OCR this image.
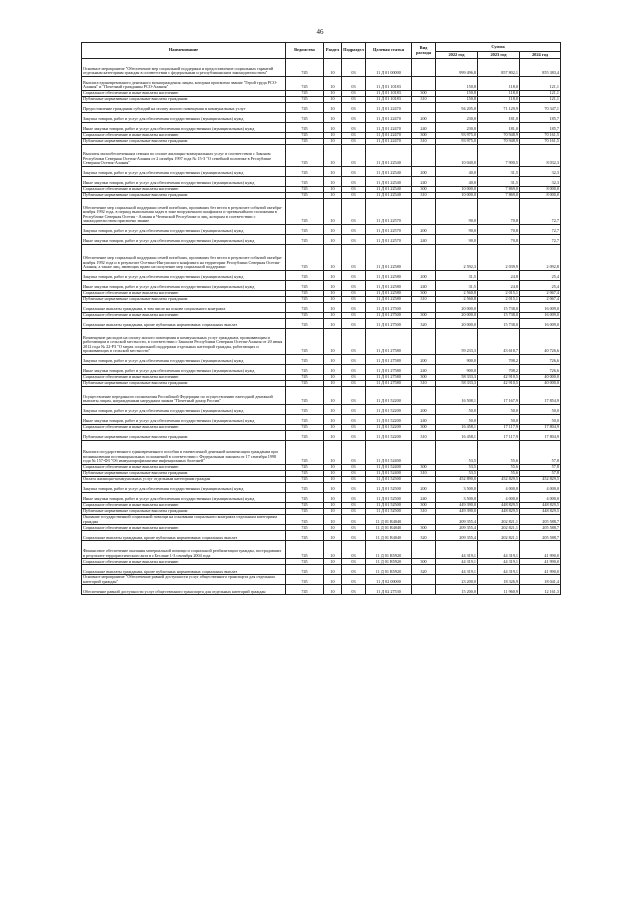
46
Наименование	Ведомство	Раздел	Подраздел	Целевая статья	Вид расхода	Сумма		
						2022 год	2023 год	2024 год
Основное мероприятие "Обеспечение мер социальной поддержки и предоставление социальных гарантий отдельным категориям граждан в соответствии с федеральным и республиканским законодательством"	745	10	03	11 Д 01 00000		999 496,8	857 802,1	855 383,4
Выплата единовременного денежного вознаграждения лицам, которым присвоено звание "Герой труда РСО-Алания" и "Почетный гражданин РСО-Алания"	745	10	03	11 Д 01 10183		150,8	118,0	121,1
Социальное обеспечение и иные выплаты населению	745	10	03	11 Д 01 10183	300	150,8	118,0	121,1
Публичные нормативные социальные выплаты гражданам	745	10	03	11 Д 01 10183	310	150,8	118,0	121,1
Предоставление гражданам субсидий на оплату жилого помещения и коммунальных услуг	745	10	03	11 Д 01 22470		94 205,0	71 129,9	70 347,1
Закупка товаров, работ и услуг для обеспечения государственных (муниципальных) нужд	745	10	03	11 Д 01 22470	200	230,0	181,0	185,7
Иные закупки товаров, работ и услуг для обеспечения государственных (муниципальных) нужд	745	10	03	11 Д 01 22470	240	230,0	181,0	185,7
Социальное обеспечение и иные выплаты населению	745	10	03	11 Д 01 22470	300	93 975,0	70 948,9	70 161,5
Публичные нормативные социальные выплаты гражданам	745	10	03	11 Д 01 22470	310	93 975,0	70 948,9	70 161,5
Выплаты малообеспеченным семьям по оплате жилищно-коммунальных услуг в соответствии с Законом Республики Северная Осетия-Алания от 2 октября 1997 года № 15-З "О семейной политике в Республике Северная Осетия-Алания"	745	10	03	11 Д 01 22540		10 040,0	7 900,5	8 032,3
Закупка товаров, работ и услуг для обеспечения государственных (муниципальных) нужд	745	10	03	11 Д 01 22540	200	40,0	31,5	32,3
Иные закупки товаров, работ и услуг для обеспечения государственных (муниципальных) нужд	745	10	03	11 Д 01 22540	240	40,0	31,5	32,3
Социальное обеспечение и иные выплаты населению	745	10	03	11 Д 01 22540	300	10 000,0	7 869,0	8 000,0
Публичные нормативные социальные выплаты гражданам	745	10	03	11 Д 01 22540	310	10 000,0	7 869,0	8 000,0
Обеспечение мер социальной поддержки семей погибших, пропавших без вести в результате событий октября-ноября 1992 года, в период выполнения задач в зоне вооруженного конфликта и чрезвычайного положения в Республике Северная Осетия - Алания и Чеченской Республике и лиц, которым в соответствии с законодательством присвоено звание	745	10	03	11 Д 01 22570		90,0	70,8	72,7
Закупка товаров, работ и услуг для обеспечения государственных (муниципальных) нужд	745	10	03	11 Д 01 22570	200	90,0	70,8	72,7
Иные закупки товаров, работ и услуг для обеспечения государственных (муниципальных) нужд	745	10	03	11 Д 01 22570	240	90,0	70,8	72,7
Обеспечение мер социальной поддержки семей погибших, пропавших без вести в результате событий октября-ноября 1992 года и в результате Осетино-Ингушского конфликта на территории Республики Северная Осетия-Алания, а также лиц, имеющих право на получение мер социальной поддержки	745	10	03	11 Д 01 22580		2 592,3	2 039,9	2 092,8
Закупка товаров, работ и услуг для обеспечения государственных (муниципальных) нужд	745	10	03	11 Д 01 22580	200	31,5	24,8	25,4
Иные закупки товаров, работ и услуг для обеспечения государственных (муниципальных) нужд	745	10	03	11 Д 01 22580	240	31,5	24,8	25,4
Социальное обеспечение и иные выплаты населению	745	10	03	11 Д 01 22580	300	2 560,8	2 015,1	2 067,4
Публичные нормативные социальные выплаты гражданам	745	10	03	11 Д 01 22580	310	2 560,8	2 015,1	2 067,4
Социальные выплаты гражданам, в том числе на основе социального контракта	745	10	03	11 Д 01 27500		20 000,0	15 738,0	16 009,0
Социальное обеспечение и иные выплаты населению	745	10	03	11 Д 01 27500	300	20 000,0	15 738,0	16 009,0
Социальные выплаты гражданам, кроме публичных нормативных социальных выплат	745	10	03	11 Д 01 27500	320	20 000,0	15 738,0	16 009,0
Возмещение расходов на оплату жилого помещения и коммунальных услуг гражданам, проживающим и работающим в сельской местности, в соответствии с Законом Республики Северная Осетия-Алания от 20 июня 2012 года № 22-РЗ "О мерах социальной поддержки отдельных категорий граждан, работающих и проживающих в сельской местности"	745	10	03	11 Д 01 27580		59 233,3	43 618,7	40 726,6
Закупка товаров, работ и услуг для обеспечения государственных (муниципальных) нужд	745	10	03	11 Д 01 27580	200	900,0	708,2	726,6
Иные закупки товаров, работ и услуг для обеспечения государственных (муниципальных) нужд	745	10	03	11 Д 01 27580	240	900,0	708,2	726,6
Социальное обеспечение и иные выплаты населению	745	10	03	11 Д 01 27580	300	58 333,3	42 910,5	40 000,0
Публичные нормативные социальные выплаты гражданам	745	10	03	11 Д 01 27580	310	58 333,3	42 910,5	40 000,0
Осуществление переданного полномочия Российской Федерации по осуществлению ежегодной денежной выплаты лицам, награжденным нагрудным знаком "Почетный донор России"	745	10	03	11 Д 01 52200		16 508,1	17 167,9	17 854,9
Закупка товаров, работ и услуг для обеспечения государственных (муниципальных) нужд	745	10	03	11 Д 01 52200	200	50,0	50,0	50,0
Иные закупки товаров, работ и услуг для обеспечения государственных (муниципальных) нужд	745	10	03	11 Д 01 52200	240	50,0	50,0	50,0
Социальное обеспечение и иные выплаты населению	745	10	03	11 Д 01 52200	300	16 458,1	17 117,9	17 804,9
Публичные нормативные социальные выплаты гражданам	745	10	03	11 Д 01 52200	310	16 458,1	17 117,9	17 804,9
Выплата государственного единовременного пособия и ежемесячной денежной компенсации гражданам при возникновении поствакцинальных осложнений в соответствии с Федеральным законом от 17 сентября 1998 года № 157-ФЗ "Об иммунопрофилактике инфекционных болезней"	745	10	03	11 Д 01 52400		53,5	55,6	57,8
Социальное обеспечение и иные выплаты населению	745	10	03	11 Д 01 52400	300	53,5	55,6	57,8
Публичные нормативные социальные выплаты гражданам	745	10	03	11 Д 01 52400	310	53,5	55,6	57,8
Оплата жилищно-коммунальных услуг отдельным категориям граждан	745	10	03	11 Д 01 52500		452 890,0	452 829,5	452 829,5
Закупка товаров, работ и услуг для обеспечения государственных (муниципальных) нужд	745	10	03	11 Д 01 52500	200	3 500,0	4 000,0	4 000,0
Иные закупки товаров, работ и услуг для обеспечения государственных (муниципальных) нужд	745	10	03	11 Д 01 52500	240	3 500,0	4 000,0	4 000,0
Социальное обеспечение и иные выплаты населению	745	10	03	11 Д 01 52500	300	449 390,0	448 829,5	448 829,5
Публичные нормативные социальные выплаты гражданам	745	10	03	11 Д 01 52500	310	449 390,0	448 829,5	448 829,5
Оказание государственной социальной помощи на основании социального контракта отдельным категориям граждан	745	10	03	11 Д 01 R4040		209 355,4	202 821,1	205 588,7
Социальное обеспечение и иные выплаты населению	745	10	03	11 Д 01 R4040	300	209 355,4	202 821,1	205 588,7
Социальные выплаты гражданам, кроме публичных нормативных социальных выплат	745	10	03	11 Д 01 R4040	320	209 355,4	202 821,1	205 588,7
Финансовое обеспечение оказания материальной помощи и социальной реабилитации граждан, пострадавших в результате террористического акта в г.Беслане 1-3 сентября 2004 года	745	10	03	11 Д 01 R5920		44 319,1	44 319,1	41 990,0
Социальное обеспечение и иные выплаты населению	745	10	03	11 Д 01 R5920	300	44 319,1	44 319,1	41 990,0
Социальные выплаты гражданам, кроме публичных нормативных социальных выплат	745	10	03	11 Д 01 R5920	320	44 319,1	44 319,1	41 990,0
Основное мероприятие "Обеспечение равной доступности услуг общественного транспорта для отдельных категорий граждан"	745	10	03	11 Д 02 00000		23 200,0	18 326,9	18 041,4
Обеспечение равной доступности услуг общественного транспорта для отдельных категорий граждан	745	10	03	11 Д 02 27530		15 200,0	11 960,9	12 161,3
